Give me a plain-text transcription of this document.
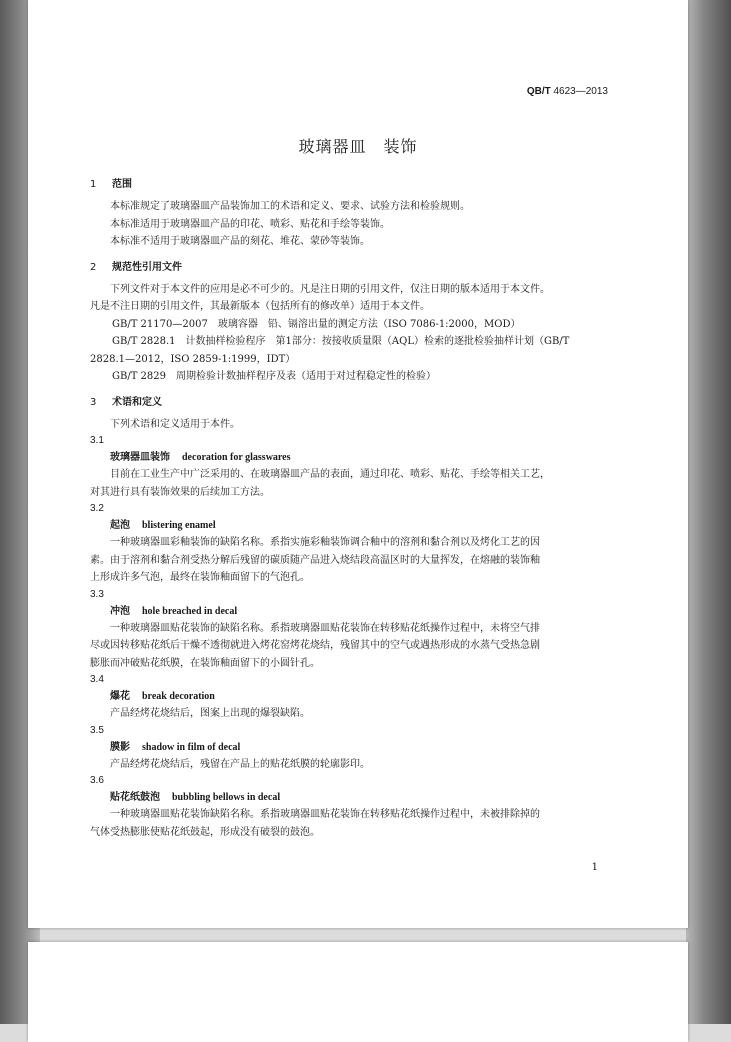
QB/T 4623—2013
玻璃器皿　装饰

1 范围

本标准规定了玻璃器皿产品装饰加工的术语和定义、要求、试验方法和检验规则。

本标准适用于玻璃器皿产品的印花、喷彩、贴花和手绘等装饰。

本标准不适用于玻璃器皿产品的刻花、堆花、蒙砂等装饰。

2 规范性引用文件

下列文件对于本文件的应用是必不可少的。凡是注日期的引用文件，仅注日期的版本适用于本文件。

凡是不注日期的引用文件，其最新版本（包括所有的修改单）适用于本文件。

GB/T 21170—2007　玻璃容器　铅、镉溶出量的测定方法（ISO 7086-1:2000，MOD）

GB/T 2828.1　计数抽样检验程序　第1部分：按接收质量限（AQL）检索的逐批检验抽样计划（GB/T

2828.1—2012，ISO 2859-1:1999，IDT）

GB/T 2829　周期检验计数抽样程序及表（适用于对过程稳定性的检验）

3 术语和定义

下列术语和定义适用于本件。

3.1

玻璃器皿装饰 decoration for glasswares

目前在工业生产中广泛采用的、在玻璃器皿产品的表面，通过印花、喷彩、贴花、手绘等相关工艺，

对其进行具有装饰效果的后续加工方法。

3.2

起泡 blistering enamel

一种玻璃器皿彩釉装饰的缺陷名称。系指实施彩釉装饰调合釉中的溶剂和黏合剂以及烤化工艺的因

素。由于溶剂和黏合剂受热分解后残留的碳质随产品进入烧结段高温区时的大量挥发，在熔融的装饰釉

上形成许多气泡，最终在装饰釉面留下的气泡孔。

3.3

冲泡 hole breached in decal

一种玻璃器皿贴花装饰的缺陷名称。系指玻璃器皿贴花装饰在转移贴花纸操作过程中，未将空气排

尽或因转移贴花纸后干燥不透彻就进入烤花窑烤花烧结，残留其中的空气或遇热形成的水蒸气受热急剧

膨胀而冲破贴花纸膜，在装饰釉面留下的小圆针孔。

3.4

爆花 break decoration

产品经烤花烧结后，图案上出现的爆裂缺陷。

3.5

膜影 shadow in film of decal

产品经烤花烧结后，残留在产品上的贴花纸膜的轮廓影印。

3.6

贴花纸鼓泡 bubbling bellows in decal

一种玻璃器皿贴花装饰缺陷名称。系指玻璃器皿贴花装饰在转移贴花纸操作过程中，未被排除掉的

气体受热膨胀使贴花纸鼓起，形成没有破裂的鼓泡。

1
